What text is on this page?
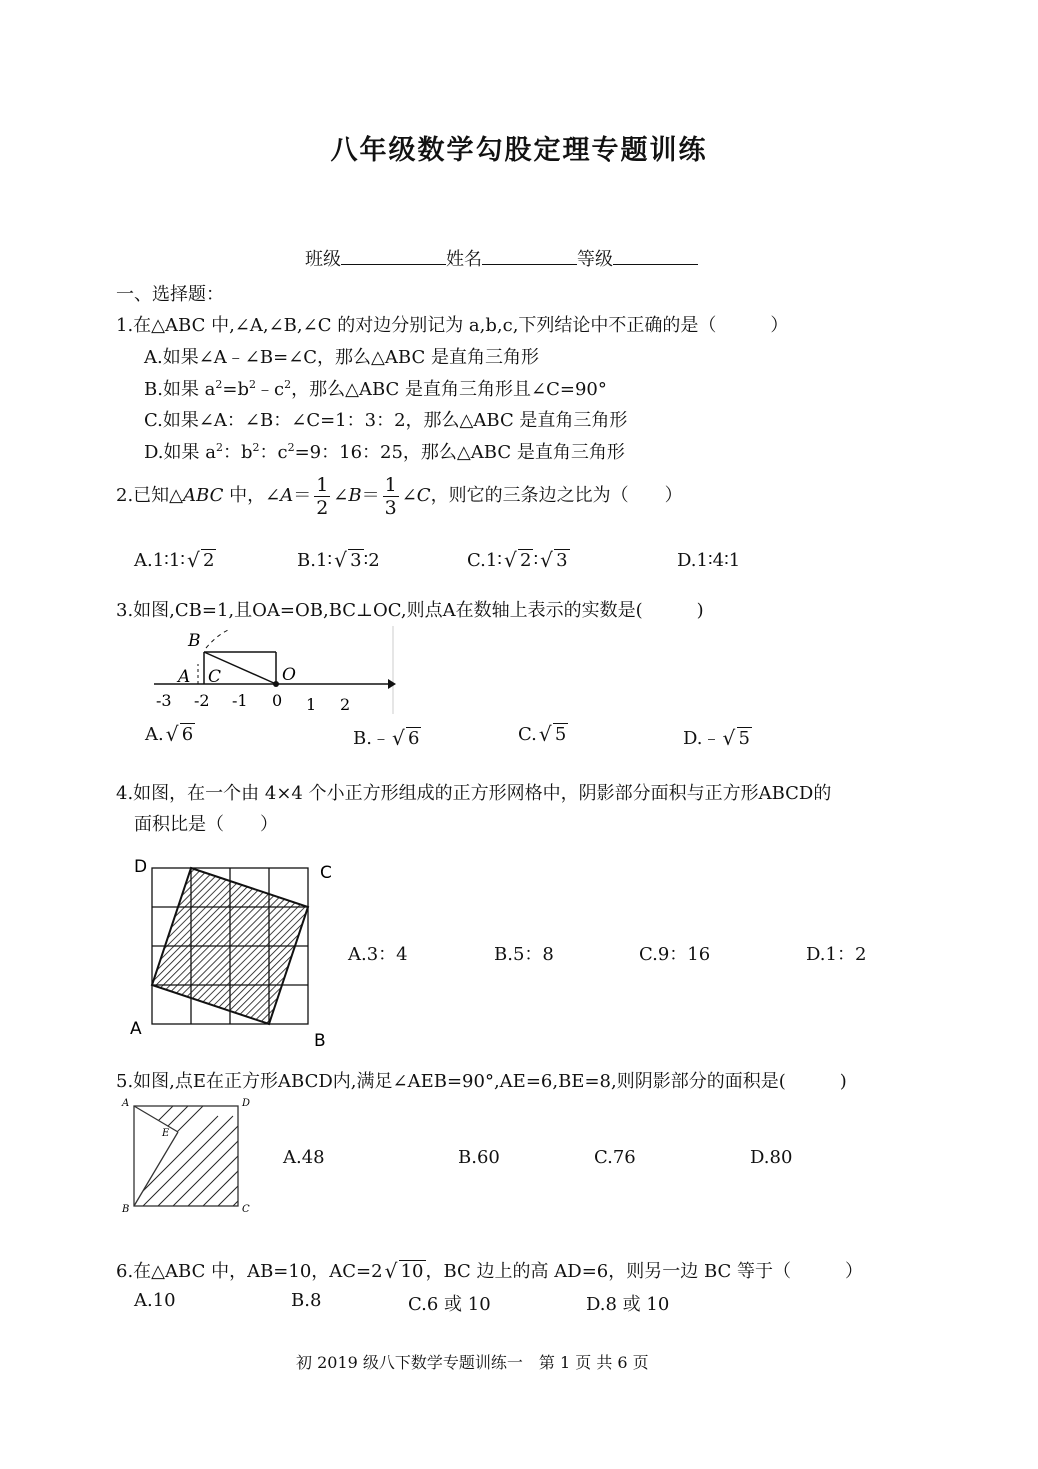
八年级数学勾股定理专题训练
班级	姓名	等级
一、选择题：
1.在△ABC 中,∠A,∠B,∠C 的对边分别记为 a,b,c,下列结论中不正确的是（　　　）
A.如果∠A﹣∠B=∠C，那么△ABC 是直角三角形
B.如果 $a^2=b^2﹣c^2$，那么△ABC 是直角三角形且∠C=90°
C.如果∠A：∠B：∠C=1：3：2，那么△ABC 是直角三角形
D.如果 $a^2$：$b^2$：$c^2=9$：16：25，那么△ABC 是直角三角形
2.已知△ABC 中，∠A＝ $\frac{1}{2}$ ∠B＝ $\frac{1}{3}$ ∠C，则它的三条边之比为（　　）
A.1∶1∶ √ 2	B.1∶ √ 3 ∶2	C.1∶ √ 2 ∶ √ 3	D.1∶4∶1
3.如图,CB=1,且OA=OB,BC⊥OC,则点A在数轴上表示的实数是(　　　)
B
A C	O
-3 -2 -1 0 1 2
A. √ 6	B.﹣ √ 6	C. √ 5	D.﹣ √ 5
4.如图，在一个由 4×4 个小正方形组成的正方形网格中，阴影部分面积与正方形ABCD的
面积比是（　　）
D	C
A
B
A.3：4	B.5：8	C.9：16	D.1：2
5.如图,点E在正方形ABCD内,满足∠AEB=90°,AE=6,BE=8,则阴影部分的面积是(　　　)
A	D
E
B	C
A.48	B.60	C.76	D.80
6.在△ABC 中，AB=10，AC=2 √ 10 ，BC 边上的高 AD=6，则另一边 BC 等于（　　　）
A.10	B.8	C.6 或 10	D.8 或 10
初 2019 级八下数学专题训练一　第 1 页 共 6 页
